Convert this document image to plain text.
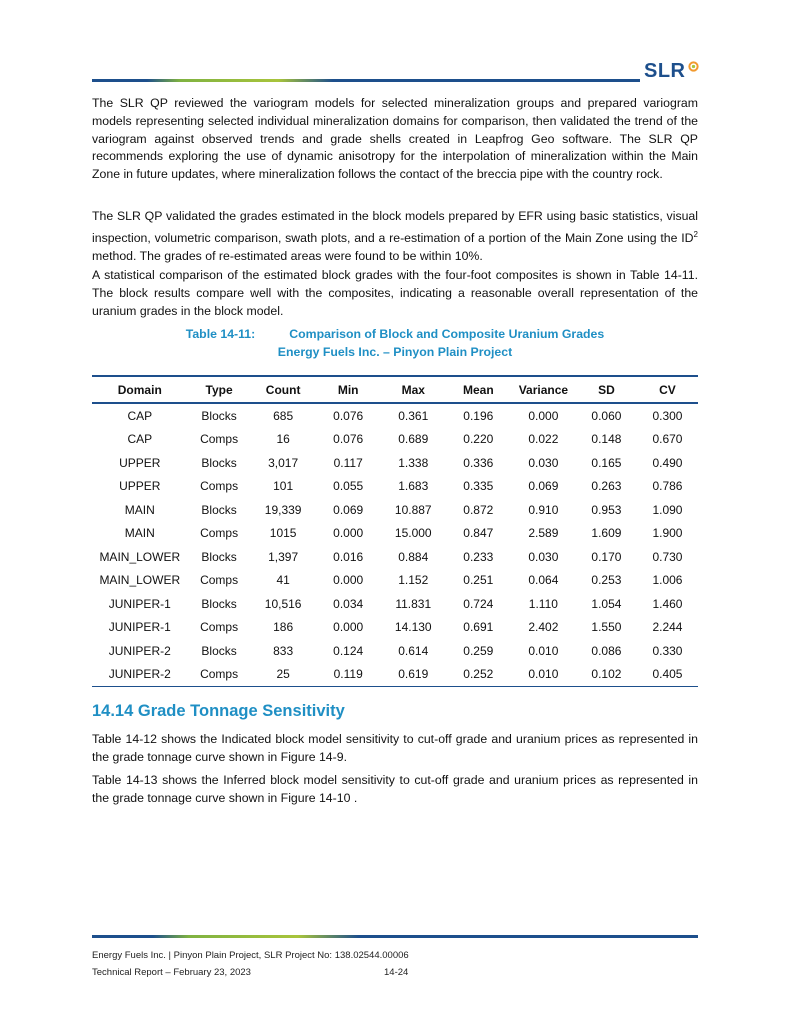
SLR

The SLR QP reviewed the variogram models for selected mineralization groups and prepared variogram models representing selected individual mineralization domains for comparison, then validated the trend of the variogram against observed trends and grade shells created in Leapfrog Geo software. The SLR QP recommends exploring the use of dynamic anisotropy for the interpolation of mineralization within the Main Zone in future updates, where mineralization follows the contact of the breccia pipe with the country rock.

The SLR QP validated the grades estimated in the block models prepared by EFR using basic statistics, visual inspection, volumetric comparison, swath plots, and a re-estimation of a portion of the Main Zone using the $ID^2$ method. The grades of re-estimated areas were found to be within 10%.

A statistical comparison of the estimated block grades with the four-foot composites is shown in Table 14-11. The block results compare well with the composites, indicating a reasonable overall representation of the uranium grades in the block model.

Table 14-11:	Comparison of Block and Composite Uranium Grades
Energy Fuels Inc. – Pinyon Plain Project
Domain	Type	Count	Min	Max	Mean	Variance	SD	CV
CAP	Blocks	685	0.076	0.361	0.196	0.000	0.060	0.300
CAP	Comps	16	0.076	0.689	0.220	0.022	0.148	0.670
UPPER	Blocks	3,017	0.117	1.338	0.336	0.030	0.165	0.490
UPPER	Comps	101	0.055	1.683	0.335	0.069	0.263	0.786
MAIN	Blocks	19,339	0.069	10.887	0.872	0.910	0.953	1.090
MAIN	Comps	1015	0.000	15.000	0.847	2.589	1.609	1.900
MAIN_LOWER	Blocks	1,397	0.016	0.884	0.233	0.030	0.170	0.730
MAIN_LOWER	Comps	41	0.000	1.152	0.251	0.064	0.253	1.006
JUNIPER-1	Blocks	10,516	0.034	11.831	0.724	1.110	1.054	1.460
JUNIPER-1	Comps	186	0.000	14.130	0.691	2.402	1.550	2.244
JUNIPER-2	Blocks	833	0.124	0.614	0.259	0.010	0.086	0.330
JUNIPER-2	Comps	25	0.119	0.619	0.252	0.010	0.102	0.405
14.14 Grade Tonnage Sensitivity

Table 14-12 shows the Indicated block model sensitivity to cut-off grade and uranium prices as represented in the grade tonnage curve shown in Figure 14-9.

Table 14-13 shows the Inferred block model sensitivity to cut-off grade and uranium prices as represented in the grade tonnage curve shown in Figure 14-10 .

Energy Fuels Inc. | Pinyon Plain Project, SLR Project No: 138.02544.00006
Technical Report – February 23, 2023	14-24
